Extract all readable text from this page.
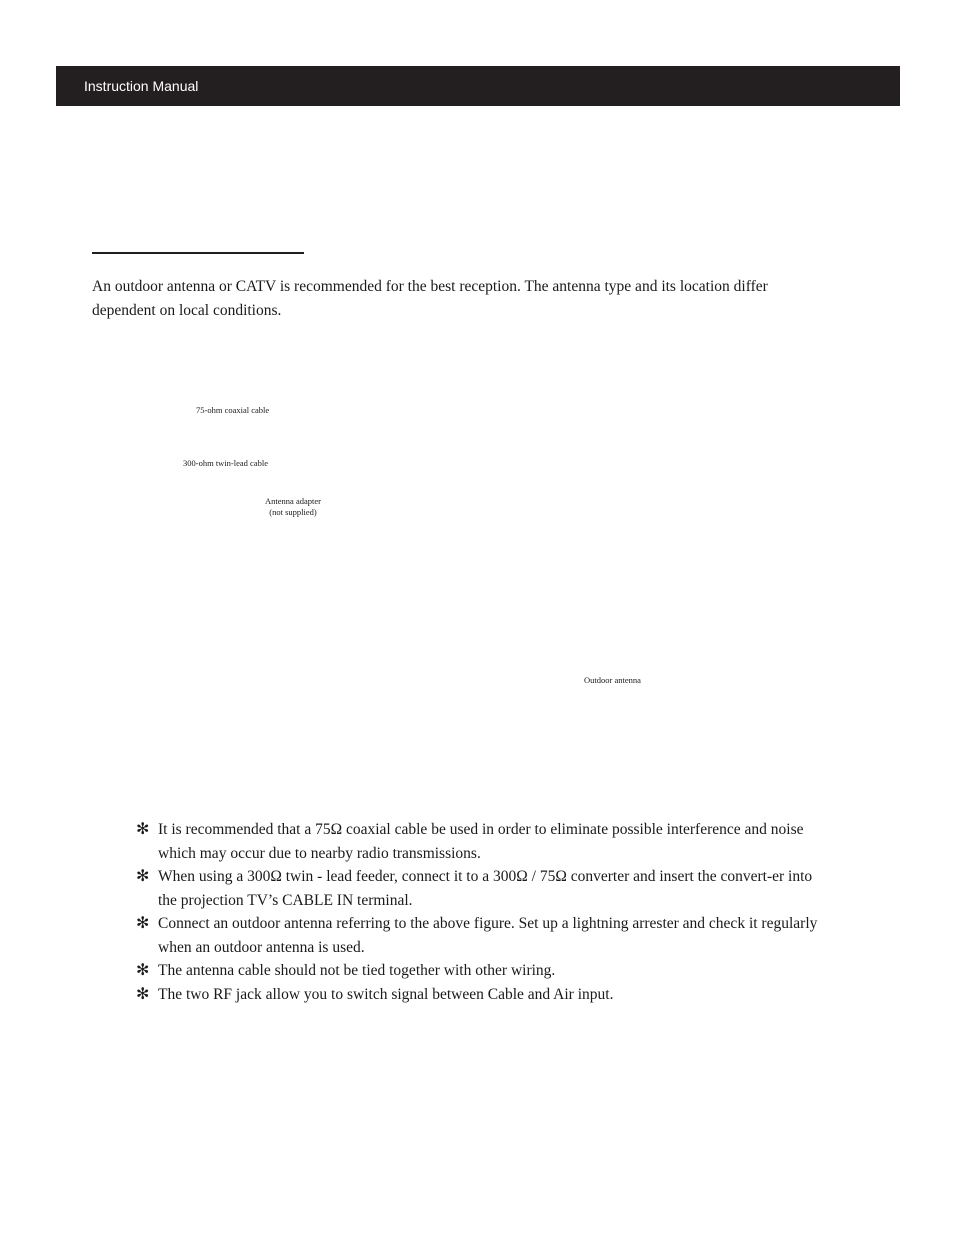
Instruction Manual

An outdoor antenna or CATV is recommended for the best reception. The antenna type and its location differ dependent on local conditions.

75-ohm coaxial cable
300-ohm twin-lead cable
Antenna adapter
(not supplied)
Outdoor antenna
✻ It is recommended that a 75Ω coaxial cable be used in order to eliminate possible interference and noise which may occur due to nearby radio transmissions.
✻ When using a 300Ω twin - lead feeder, connect it to a 300Ω / 75Ω converter and insert the convert-er into the projection TV’s CABLE IN terminal.
✻ Connect an outdoor antenna referring to the above figure. Set up a lightning arrester and check it regularly when an outdoor antenna is used.
✻ The antenna cable should not be tied together with other wiring.
✻ The two RF jack allow you to switch signal between Cable and Air input.
